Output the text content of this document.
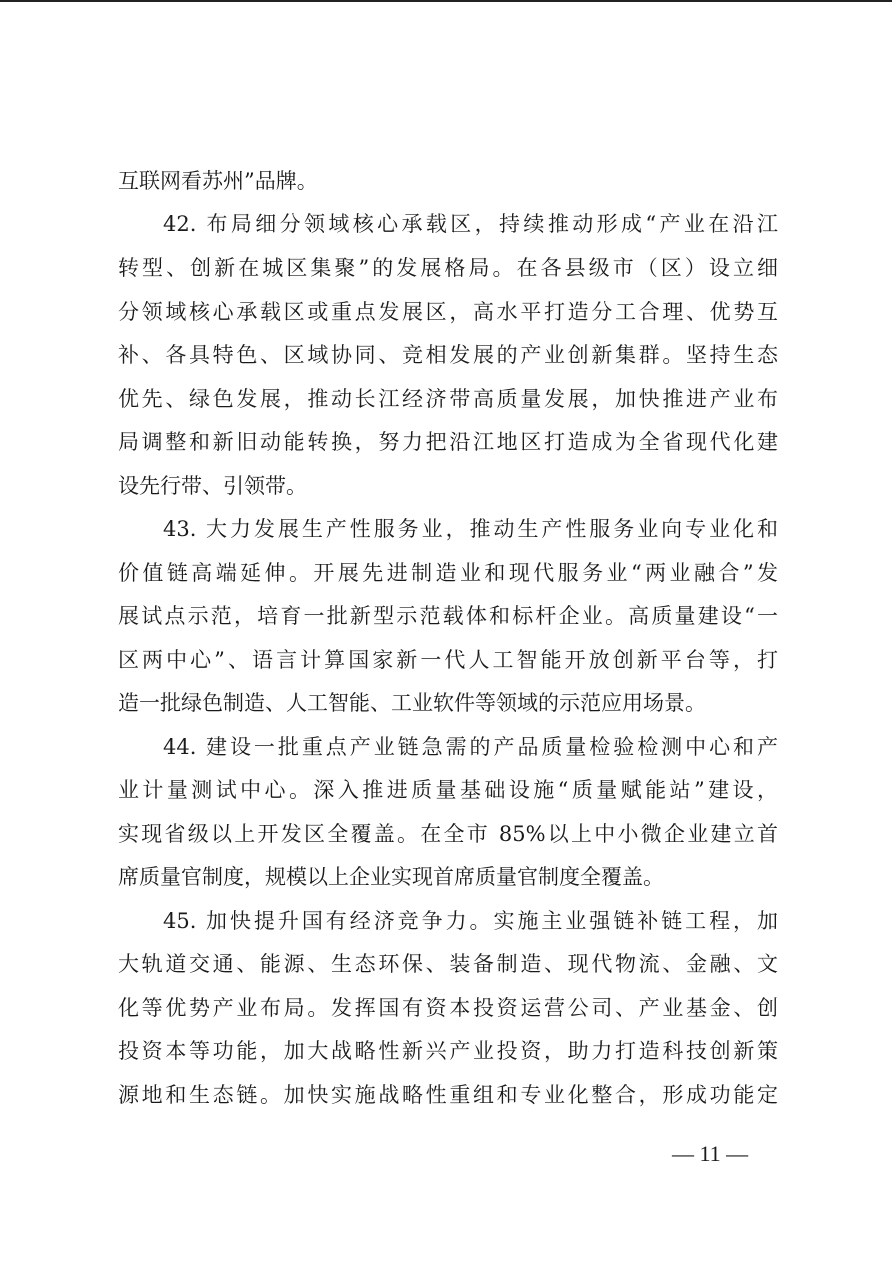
互联网看苏州”品牌。
42. 布局细分领域核心承载区，持续推动形成“产业在沿江
转型、创新在城区集聚”的发展格局。在各县级市（区）设立细
分领域核心承载区或重点发展区，高水平打造分工合理、优势互
补、各具特色、区域协同、竞相发展的产业创新集群。坚持生态
优先、绿色发展，推动长江经济带高质量发展，加快推进产业布
局调整和新旧动能转换，努力把沿江地区打造成为全省现代化建
设先行带、引领带。
43. 大力发展生产性服务业，推动生产性服务业向专业化和
价值链高端延伸。开展先进制造业和现代服务业“两业融合”发
展试点示范，培育一批新型示范载体和标杆企业。高质量建设“一
区两中心”、语言计算国家新一代人工智能开放创新平台等，打
造一批绿色制造、人工智能、工业软件等领域的示范应用场景。
44. 建设一批重点产业链急需的产品质量检验检测中心和产
业计量测试中心。深入推进质量基础设施“质量赋能站”建设，
实现省级以上开发区全覆盖。在全市 85%以上中小微企业建立首
席质量官制度，规模以上企业实现首席质量官制度全覆盖。
45. 加快提升国有经济竞争力。实施主业强链补链工程，加
大轨道交通、能源、生态环保、装备制造、现代物流、金融、文
化等优势产业布局。发挥国有资本投资运营公司、产业基金、创
投资本等功能，加大战略性新兴产业投资，助力打造科技创新策
源地和生态链。加快实施战略性重组和专业化整合，形成功能定
— 11 —
